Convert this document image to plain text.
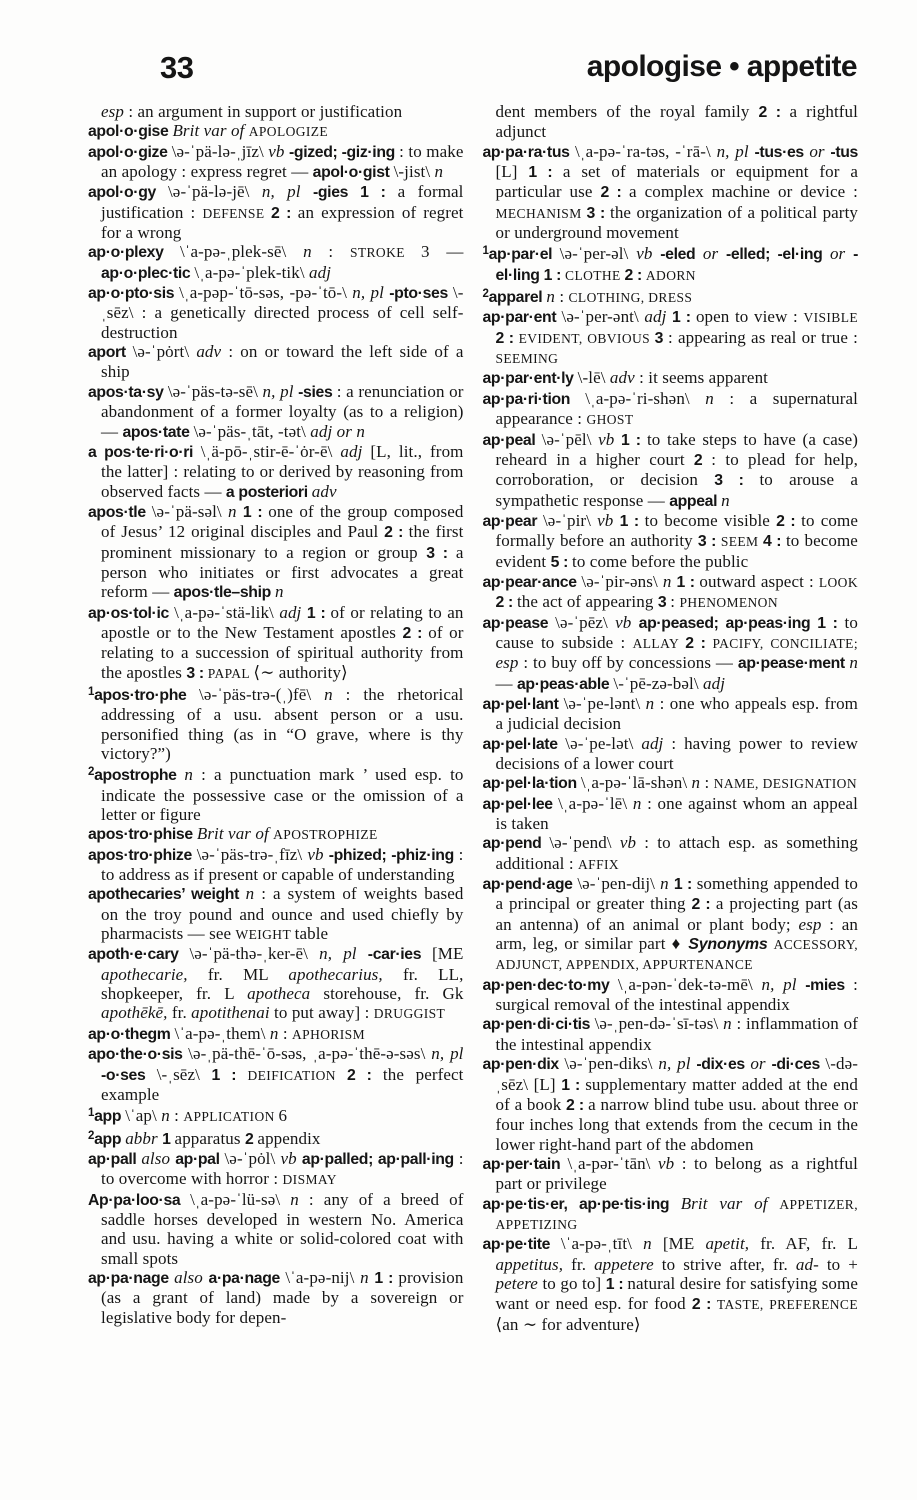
33	apologise • appetite
esp : an argument in support or justification
apol·o·gise Brit var of APOLOGIZE
apol·o·gize \ə-ˈpä-lə-ˌjīz\ vb -gized; -giz·ing : to make an apology : express regret — apol·o·gist \-jist\ n
apol·o·gy \ə-ˈpä-lə-jē\ n, pl -gies 1 : a formal justification : DEFENSE 2 : an expression of regret for a wrong
ap·o·plexy \ˈa-pə-ˌplek-sē\ n : STROKE 3 — ap·o·plec·tic \ˌa-pə-ˈplek-tik\ adj
ap·o·pto·sis \ˌa-pəp-ˈtō-səs, -pə-ˈtō-\ n, pl -pto·ses \-ˌsēz\ : a genetically directed process of cell self-destruction
aport \ə-ˈpȯrt\ adv : on or toward the left side of a ship
apos·ta·sy \ə-ˈpäs-tə-sē\ n, pl -sies : a renunciation or abandonment of a former loyalty (as to a religion) — apos·tate \ə-ˈpäs-ˌtāt, -tət\ adj or n
a pos·te·ri·o·ri \ˌä-pō-ˌstir-ē-ˈȯr-ē\ adj [L, lit., from the latter] : relating to or derived by reasoning from observed facts — a posteriori adv
apos·tle \ə-ˈpä-səl\ n 1 : one of the group composed of Jesus’ 12 original disciples and Paul 2 : the first prominent missionary to a region or group 3 : a person who initiates or first advocates a great reform — apos·tle–ship n
ap·os·tol·ic \ˌa-pə-ˈstä-lik\ adj 1 : of or relating to an apostle or to the New Testament apostles 2 : of or relating to a succession of spiritual authority from the apostles 3 : PAPAL ⟨∼ authority⟩
$^1$apos·tro·phe \ə-ˈpäs-trə-(ˌ)fē\ n : the rhetorical addressing of a usu. absent person or a usu. personified thing (as in “O grave, where is thy victory?”)
$^2$apostrophe n : a punctuation mark ’ used esp. to indicate the possessive case or the omission of a letter or figure
apos·tro·phise Brit var of APOSTROPHIZE
apos·tro·phize \ə-ˈpäs-trə-ˌfīz\ vb -phized; -phiz·ing : to address as if present or capable of understanding
apothecaries’ weight n : a system of weights based on the troy pound and ounce and used chiefly by pharmacists — see WEIGHT table
apoth·e·cary \ə-ˈpä-thə-ˌker-ē\ n, pl -car·ies [ME apothecarie, fr. ML apothecarius, fr. LL, shopkeeper, fr. L apotheca storehouse, fr. Gk apothēkē, fr. apotithenai to put away] : DRUGGIST
ap·o·thegm \ˈa-pə-ˌthem\ n : APHORISM
apo·the·o·sis \ə-ˌpä-thē-ˈō-səs, ˌa-pə-ˈthē-ə-səs\ n, pl -o·ses \-ˌsēz\ 1 : DEIFICATION 2 : the perfect example
$^1$app \ˈap\ n : APPLICATION 6
$^2$app abbr 1 apparatus 2 appendix
ap·pall also ap·pal \ə-ˈpȯl\ vb ap·palled; ap·pall·ing : to overcome with horror : DISMAY
Ap·pa·loo·sa \ˌa-pə-ˈlü-sə\ n : any of a breed of saddle horses developed in western No. America and usu. having a white or solid-colored coat with small spots
ap·pa·nage also a·pa·nage \ˈa-pə-nij\ n 1 : provision (as a grant of land) made by a sovereign or legislative body for depen-
dent members of the royal family 2 : a rightful adjunct
ap·pa·ra·tus \ˌa-pə-ˈra-təs, -ˈrā-\ n, pl -tus·es or -tus [L] 1 : a set of materials or equipment for a particular use 2 : a complex machine or device : MECHANISM 3 : the organization of a political party or underground movement
$^1$ap·par·el \ə-ˈper-əl\ vb -eled or -elled; -el·ing or -el·ling 1 : CLOTHE 2 : ADORN
$^2$apparel n : CLOTHING, DRESS
ap·par·ent \ə-ˈper-ənt\ adj 1 : open to view : VISIBLE 2 : EVIDENT, OBVIOUS 3 : appearing as real or true : SEEMING
ap·par·ent·ly \-lē\ adv : it seems apparent
ap·pa·ri·tion \ˌa-pə-ˈri-shən\ n : a supernatural appearance : GHOST
ap·peal \ə-ˈpēl\ vb 1 : to take steps to have (a case) reheard in a higher court 2 : to plead for help, corroboration, or decision 3 : to arouse a sympathetic response — appeal n
ap·pear \ə-ˈpir\ vb 1 : to become visible 2 : to come formally before an authority 3 : SEEM 4 : to become evident 5 : to come before the public
ap·pear·ance \ə-ˈpir-əns\ n 1 : outward aspect : LOOK 2 : the act of appearing 3 : PHENOMENON
ap·pease \ə-ˈpēz\ vb ap·peased; ap·peas·ing 1 : to cause to subside : ALLAY 2 : PACIFY, CONCILIATE; esp : to buy off by concessions — ap·pease·ment n — ap·peas·able \-ˈpē-zə-bəl\ adj
ap·pel·lant \ə-ˈpe-lənt\ n : one who appeals esp. from a judicial decision
ap·pel·late \ə-ˈpe-lət\ adj : having power to review decisions of a lower court
ap·pel·la·tion \ˌa-pə-ˈlā-shən\ n : NAME, DESIGNATION
ap·pel·lee \ˌa-pə-ˈlē\ n : one against whom an appeal is taken
ap·pend \ə-ˈpend\ vb : to attach esp. as something additional : AFFIX
ap·pend·age \ə-ˈpen-dij\ n 1 : something appended to a principal or greater thing 2 : a projecting part (as an antenna) of an animal or plant body; esp : an arm, leg, or similar part ♦ Synonyms ACCESSORY, ADJUNCT, APPENDIX, APPURTENANCE
ap·pen·dec·to·my \ˌa-pən-ˈdek-tə-mē\ n, pl -mies : surgical removal of the intestinal appendix
ap·pen·di·ci·tis \ə-ˌpen-də-ˈsī-təs\ n : inflammation of the intestinal appendix
ap·pen·dix \ə-ˈpen-diks\ n, pl -dix·es or -di·ces \-də-ˌsēz\ [L] 1 : supplementary matter added at the end of a book 2 : a narrow blind tube usu. about three or four inches long that extends from the cecum in the lower right-hand part of the abdomen
ap·per·tain \ˌa-pər-ˈtān\ vb : to belong as a rightful part or privilege
ap·pe·tis·er, ap·pe·tis·ing Brit var of APPETIZER, APPETIZING
ap·pe·tite \ˈa-pə-ˌtīt\ n [ME apetit, fr. AF, fr. L appetitus, fr. appetere to strive after, fr. ad- to + petere to go to] 1 : natural desire for satisfying some want or need esp. for food 2 : TASTE, PREFERENCE ⟨an ∼ for adventure⟩
